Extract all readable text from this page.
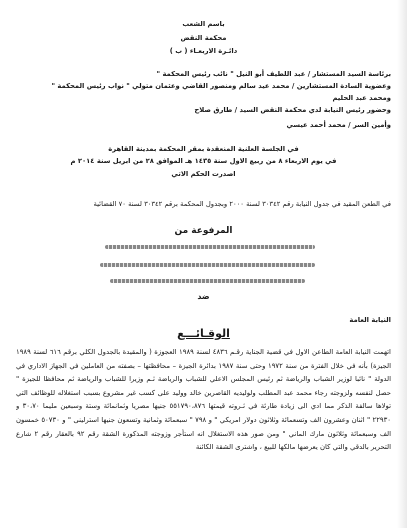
باسم الشعب
محكمة النقض
دائـرة الاربعـاء ( ب )
برئاسة السيد المستشار / عبد اللطيف أبو النيل " نائب رئيس المحكمة "
وعضوية السادة المستشارين / محمد عيد سالم ومنصور القاضي وعثمان متولي " نواب رئيس المحكمة "
ومحمد عبد الحليم
وحضور رئيس النيابة لدي محكمة النقض السيد / طارق صلاح
وأمين السر / محمد أحمد عيسي
في الجلسة العلنية المنعقدة بمقر المحكمة بمدينة القاهرة
في يوم الاربعاء ٨ من ربيع الاول سنة ١٤٣٥ هـ الموافق ٢٨ من ابريل سنة ٢٠١٤ م
اصدرت الحكم الاتي
في الطعن المقيد في جدول النيابة رقم ٣٠٣٤٢ لسنة ٢٠٠٠ وبجدول المحكمة برقم ٣٠٣٤٢ لسنة ٧٠ القضائية
المرفوعة من
ضد
النيابة العامة
الوقـائـــع
اتهمت النيابة العامة الطاعن الاول في قضية الجناية رقـم ٤٨٣٦ لسنة ١٩٨٩ العجوزة ( والمقيدة بالجدول الكلي برقم ٦١٦ لسنة ١٩٨٩ الجيزة) بأنه في خلال الفترة من سنة ١٩٧٢ وحتى سنة ١٩٨٧ بدائرة الجيزة – محافظتها – بصفته من العاملين في الجهاز الاداري في الدولة " نائبا لوزير الشباب والرياضة ثم رئيس المجلس الاعلي للشباب والرياضة ثـم وزيرا للشباب والرياضة ثم محافظا للجيزة " حصل لنفسه ولزوجته رجاء محمد عبد المطلب ولوليديه القاصرين خالد ووليد على كسب غير مشروع بسبب استغلاله للوظائف التي تولاها سالفة الذكر مما ادي الى زيادة طارئة في ثـروته قيمتها ٥٥١٧٩٠،٨٧٦ جنيها مصريا وثمانمائة وستة وسبعين مليما ٣٠،٧٠ و ٢٢٩٣٠ " اثنان وعشرون الف وتسعمائة وثلاثون دولار امريكي " و ٧٩٨ " سبعمائة وثمانية وتسعون جنيها استرلينى " و ٥٠٧٣٠ خمسون الف وسبعمائة وثلاثون مارك الماني " ومن صور هذه الاستغلال انه استأجر وزوجته المذكورة الشقة رقم ٩٢ بالعقار رقم ٢ شارع التحرير بالدقي والتي كان يعرضها مالكها للبيع ، واشترى الشقة الكائنة
